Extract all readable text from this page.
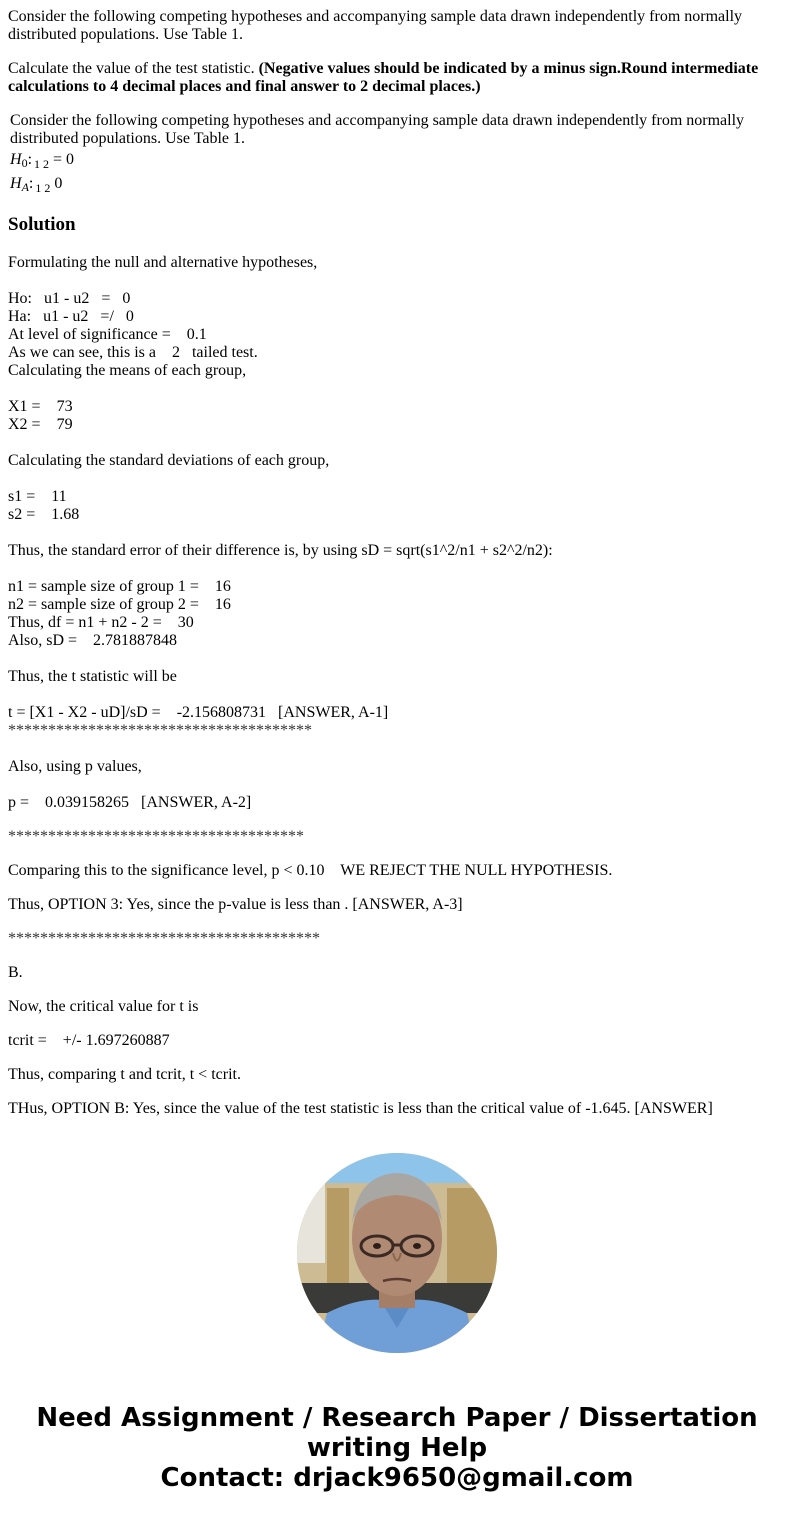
Consider the following competing hypotheses and accompanying sample data drawn independently from normally distributed populations. Use Table 1.

Calculate the value of the test statistic. (Negative values should be indicated by a minus sign.Round intermediate calculations to 4 decimal places and final answer to 2 decimal places.)

Consider the following competing hypotheses and accompanying sample data drawn independently from normally distributed populations. Use Table 1.

$H_0$: $_{1 2}$ = 0
$H_A$: $_{1 2}$ 0
Solution
Formulating the null and alternative hypotheses,
Ho:   u1 - u2   =   0
Ha:   u1 - u2   =/   0
At level of significance =    0.1
As we can see, this is a    2   tailed test.
Calculating the means of each group,
X1 =    73
X2 =    79
Calculating the standard deviations of each group,
s1 =    11
s2 =    1.68
Thus, the standard error of their difference is, by using sD = sqrt(s1^2/n1 + s2^2/n2):
n1 = sample size of group 1 =    16
n2 = sample size of group 2 =    16
Thus, df = n1 + n2 - 2 =    30
Also, sD =    2.781887848
Thus, the t statistic will be
t = [X1 - X2 - uD]/sD =    -2.156808731   [ANSWER, A-1]
**************************************
Also, using p values,
p =    0.039158265   [ANSWER, A-2]
*************************************
Comparing this to the significance level, p < 0.10    WE REJECT THE NULL HYPOTHESIS.
Thus, OPTION 3: Yes, since the p-value is less than . [ANSWER, A-3]
***************************************
B.
Now, the critical value for t is
tcrit =    +/- 1.697260887
Thus, comparing t and tcrit, t < tcrit.
THus, OPTION B: Yes, since the value of the test statistic is less than the critical value of -1.645. [ANSWER]
Need Assignment / Research Paper / Dissertation
writing Help
Contact: drjack9650@gmail.com
